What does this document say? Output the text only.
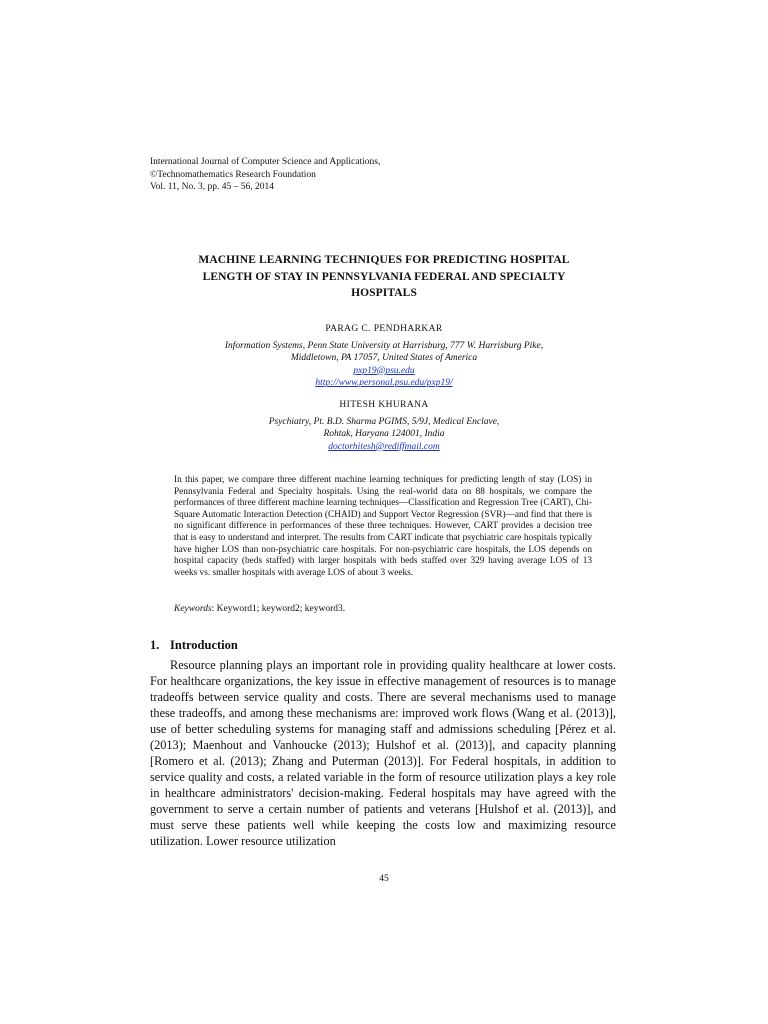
International Journal of Computer Science and Applications,
©Technomathematics Research Foundation
Vol. 11, No. 3, pp. 45 – 56, 2014
MACHINE LEARNING TECHNIQUES FOR PREDICTING HOSPITAL
LENGTH OF STAY IN PENNSYLVANIA FEDERAL AND SPECIALTY
HOSPITALS
PARAG C. PENDHARKAR
Information Systems, Penn State University at Harrisburg, 777 W. Harrisburg Pike,
Middletown, PA 17057, United States of America
pxp19@psu.edu
http://www.personal.psu.edu/pxp19/
HITESH KHURANA
Psychiatry, Pt. B.D. Sharma PGIMS, 5/9J, Medical Enclave,
Rohtak, Haryana 124001, India
doctorhitesh@rediffmail.com
In this paper, we compare three different machine learning techniques for predicting length of stay (LOS) in Pennsylvania Federal and Specialty hospitals. Using the real-world data on 88 hospitals, we compare the performances of three different machine learning techniques—Classification and Regression Tree (CART), Chi-Square Automatic Interaction Detection (CHAID) and Support Vector Regression (SVR)—and find that there is no significant difference in performances of these three techniques. However, CART provides a decision tree that is easy to understand and interpret. The results from CART indicate that psychiatric care hospitals typically have higher LOS than non-psychiatric care hospitals. For non-psychiatric care hospitals, the LOS depends on hospital capacity (beds staffed) with larger hospitals with beds staffed over 329 having average LOS of 13 weeks vs. smaller hospitals with average LOS of about 3 weeks.
Keywords: Keyword1; keyword2; keyword3.
1. Introduction
Resource planning plays an important role in providing quality healthcare at lower costs. For healthcare organizations, the key issue in effective management of resources is to manage tradeoffs between service quality and costs. There are several mechanisms used to manage these tradeoffs, and among these mechanisms are: improved work flows (Wang et al. (2013)], use of better scheduling systems for managing staff and admissions scheduling [Pérez et al. (2013); Maenhout and Vanhoucke (2013); Hulshof et al. (2013)], and capacity planning [Romero et al. (2013); Zhang and Puterman (2013)]. For Federal hospitals, in addition to service quality and costs, a related variable in the form of resource utilization plays a key role in healthcare administrators' decision-making. Federal hospitals may have agreed with the government to serve a certain number of patients and veterans [Hulshof et al. (2013)], and must serve these patients well while keeping the costs low and maximizing resource utilization. Lower resource utilization
45
